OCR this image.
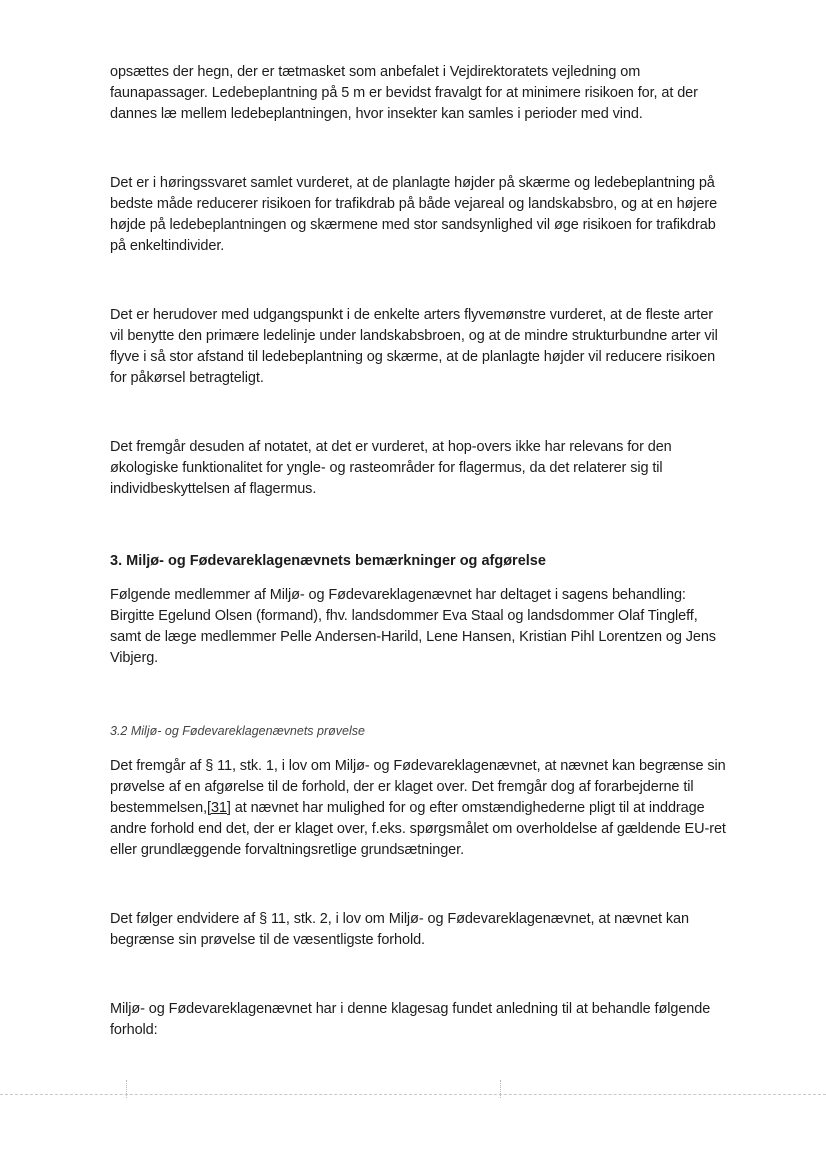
opsættes der hegn, der er tætmasket som anbefalet i Vejdirektoratets vejledning om faunapassager. Ledebeplantning på 5 m er bevidst fravalgt for at minimere risikoen for, at der dannes læ mellem ledebeplantningen, hvor insekter kan samles i perioder med vind.

Det er i høringssvaret samlet vurderet, at de planlagte højder på skærme og ledebeplantning på bedste måde reducerer risikoen for trafikdrab på både vejareal og landskabsbro, og at en højere højde på ledebeplantningen og skærmene med stor sandsynlighed vil øge risikoen for trafikdrab på enkeltindivider.

Det er herudover med udgangspunkt i de enkelte arters flyvemønstre vurderet, at de fleste arter vil benytte den primære ledelinje under landskabsbroen, og at de mindre strukturbundne arter vil flyve i så stor afstand til ledebeplantning og skærme, at de planlagte højder vil reducere risikoen for påkørsel betragteligt.

Det fremgår desuden af notatet, at det er vurderet, at hop-overs ikke har relevans for den økologiske funktionalitet for yngle- og rasteområder for flagermus, da det relaterer sig til individbeskyttelsen af flagermus.

3. Miljø- og Fødevareklagenævnets bemærkninger og afgørelse

Følgende medlemmer af Miljø- og Fødevareklagenævnet har deltaget i sagens behandling: Birgitte Egelund Olsen (formand), fhv. landsdommer Eva Staal og landsdommer Olaf Tingleff, samt de læge medlemmer Pelle Andersen-Harild, Lene Hansen, Kristian Pihl Lorentzen og Jens Vibjerg.

3.2 Miljø- og Fødevareklagenævnets prøvelse

Det fremgår af § 11, stk. 1, i lov om Miljø- og Fødevareklagenævnet, at nævnet kan begrænse sin prøvelse af en afgørelse til de forhold, der er klaget over. Det fremgår dog af forarbejderne til bestemmelsen,[31] at nævnet har mulighed for og efter omstændighederne pligt til at inddrage andre forhold end det, der er klaget over, f.eks. spørgsmålet om overholdelse af gældende EU-ret eller grundlæggende forvaltningsretlige grundsætninger.

Det følger endvidere af § 11, stk. 2, i lov om Miljø- og Fødevareklagenævnet, at nævnet kan begrænse sin prøvelse til de væsentligste forhold.

Miljø- og Fødevareklagenævnet har i denne klagesag fundet anledning til at behandle følgende forhold:
